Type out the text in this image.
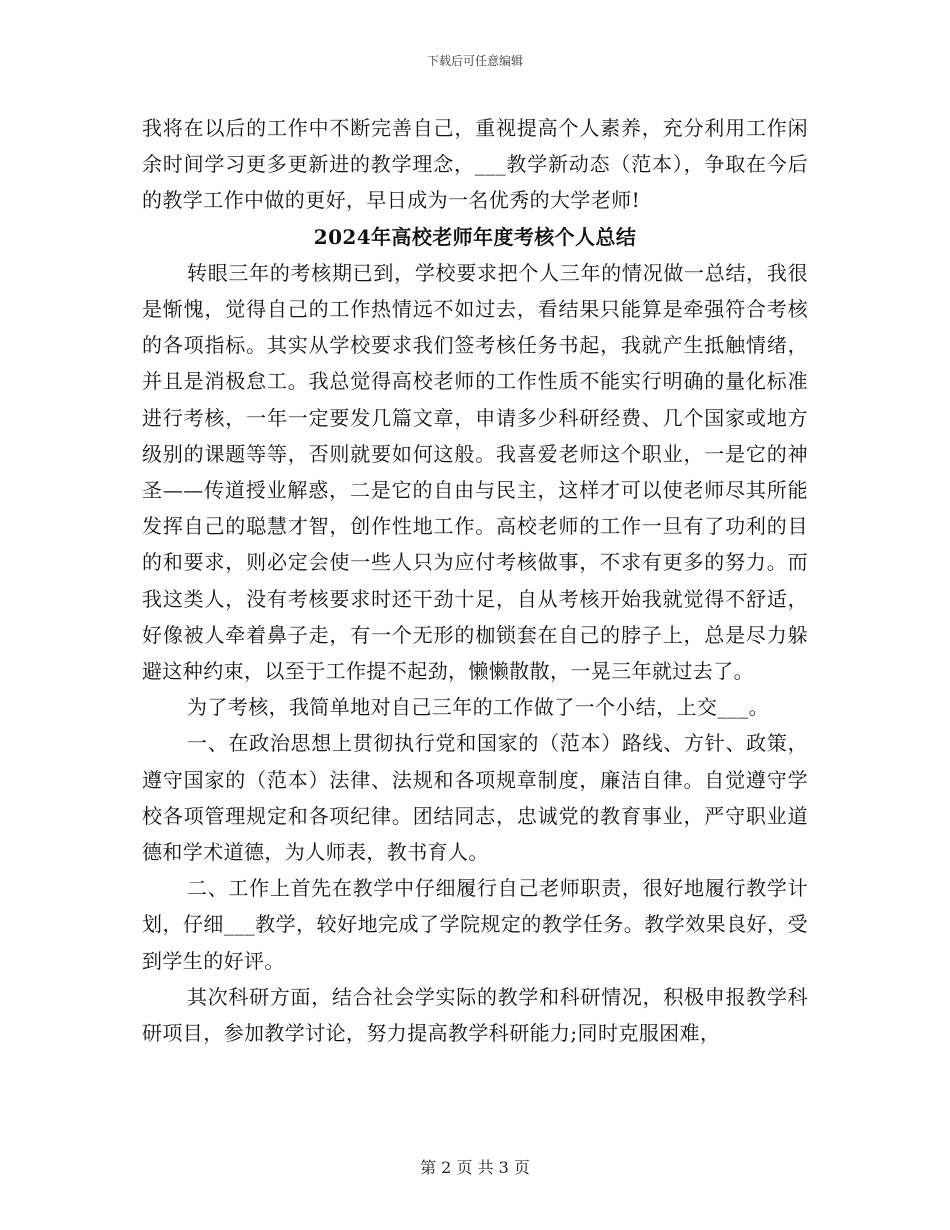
下载后可任意编辑

我将在以后的工作中不断完善自己，重视提高个人素养，充分利用工作闲余时间学习更多更新进的教学理念，___教学新动态（范本），争取在今后的教学工作中做的更好，早日成为一名优秀的大学老师!

2024年高校老师年度考核个人总结

转眼三年的考核期已到，学校要求把个人三年的情况做一总结，我很是惭愧，觉得自己的工作热情远不如过去，看结果只能算是牵强符合考核的各项指标。其实从学校要求我们签考核任务书起，我就产生抵触情绪，并且是消极怠工。我总觉得高校老师的工作性质不能实行明确的量化标准进行考核，一年一定要发几篇文章，申请多少科研经费、几个国家或地方级别的课题等等，否则就要如何这般。我喜爱老师这个职业，一是它的神圣——传道授业解惑，二是它的自由与民主，这样才可以使老师尽其所能发挥自己的聪慧才智，创作性地工作。高校老师的工作一旦有了功利的目的和要求，则必定会使一些人只为应付考核做事，不求有更多的努力。而我这类人，没有考核要求时还干劲十足，自从考核开始我就觉得不舒适，好像被人牵着鼻子走，有一个无形的枷锁套在自己的脖子上，总是尽力躲避这种约束，以至于工作提不起劲，懒懒散散，一晃三年就过去了。

为了考核，我简单地对自己三年的工作做了一个小结，上交___。

一、在政治思想上贯彻执行党和国家的（范本）路线、方针、政策，遵守国家的（范本）法律、法规和各项规章制度，廉洁自律。自觉遵守学校各项管理规定和各项纪律。团结同志，忠诚党的教育事业，严守职业道德和学术道德，为人师表，教书育人。

二、工作上首先在教学中仔细履行自己老师职责，很好地履行教学计划，仔细___教学，较好地完成了学院规定的教学任务。教学效果良好，受到学生的好评。

其次科研方面，结合社会学实际的教学和科研情况，积极申报教学科研项目，参加教学讨论，努力提高教学科研能力;同时克服困难，

第 2 页 共 3 页
